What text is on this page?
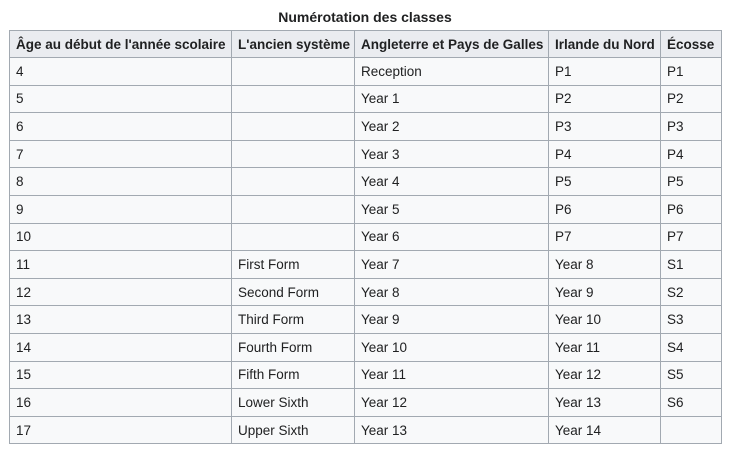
Numérotation des classes
Âge au début de l'année scolaire	L'ancien système	Angleterre et Pays de Galles	Irlande du Nord	Écosse
4		Reception	P1	P1
5		Year 1	P2	P2
6		Year 2	P3	P3
7		Year 3	P4	P4
8		Year 4	P5	P5
9		Year 5	P6	P6
10		Year 6	P7	P7
11	First Form	Year 7	Year 8	S1
12	Second Form	Year 8	Year 9	S2
13	Third Form	Year 9	Year 10	S3
14	Fourth Form	Year 10	Year 11	S4
15	Fifth Form	Year 11	Year 12	S5
16	Lower Sixth	Year 12	Year 13	S6
17	Upper Sixth	Year 13	Year 14	
